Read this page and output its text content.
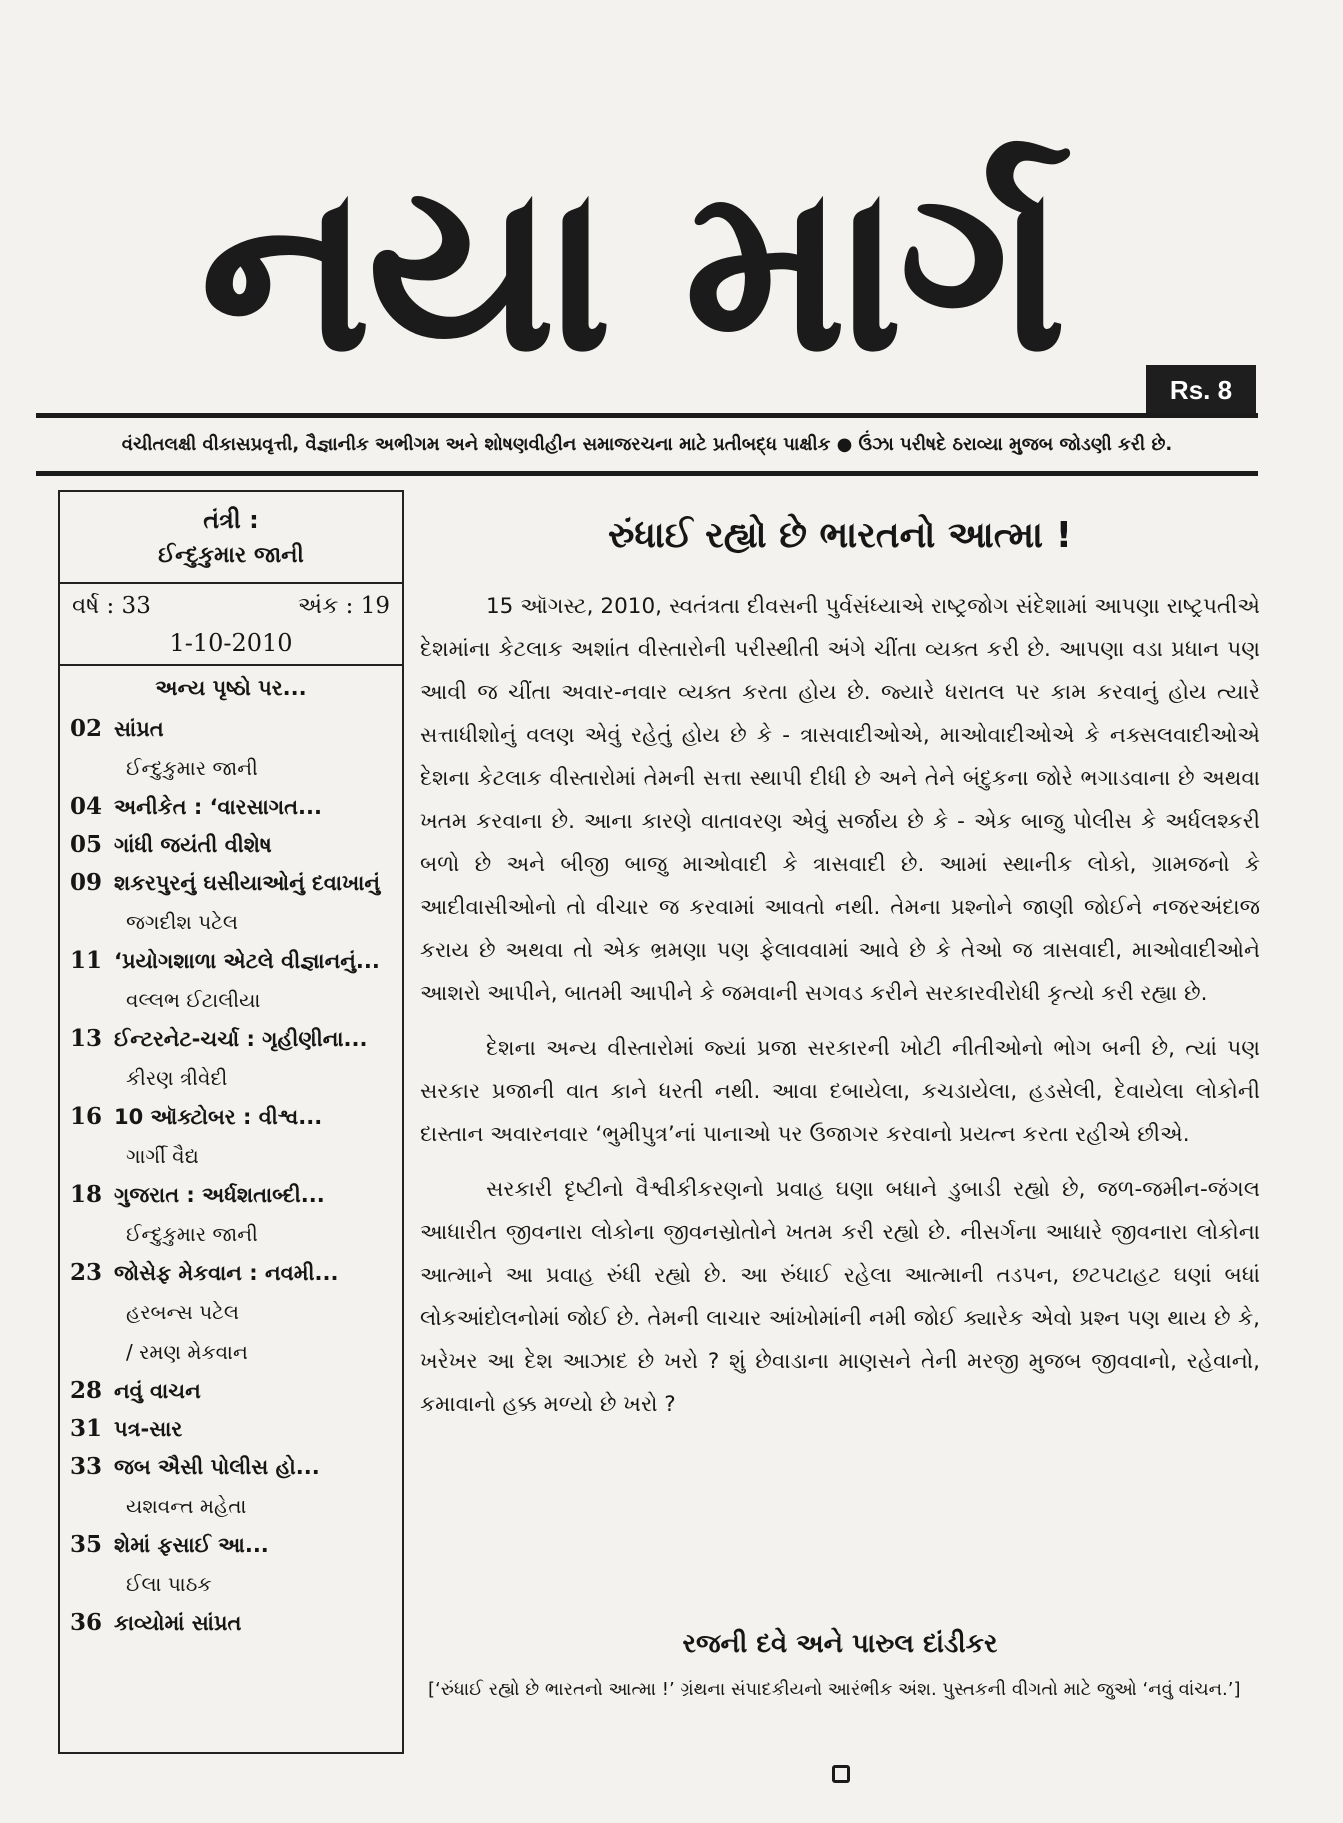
નયા માર્ગ	Rs. 8
વંચીતલક્ષી વીકાસપ્રવૃત્તી, વૈજ્ઞાનીક અભીગમ અને શોષણવીહીન સમાજરચના માટે પ્રતીબદ્ધ પાક્ષીક ● ઉંઝા પરીષદે ઠરાવ્યા મુજબ જોડણી કરી છે.
તંત્રી :
ઈન્દુકુમાર જાની
વર્ષ : 33	અંક : 19
1-10-2010
અન્ય પૃષ્ઠો પર...
02 સાંપ્રત
ઈન્દુકુમાર જાની
04 અનીકેત : ‘વારસાગત...
05 ગાંધી જયંતી વીશેષ
09 શકરપુરનું ઘસીયાઓનું દવાખાનું
જગદીશ પટેલ
11 ‘પ્રયોગશાળા એટલે વીજ્ઞાનનું...
વલ્લભ ઈટાલીયા
13 ઈન્ટરનેટ-ચર્ચા : ગૃહીણીના...
કીરણ ત્રીવેદી
16 10 ઑક્ટોબર : વીશ્વ...
ગાર્ગી વૈદ્ય
18 ગુજરાત : અર્ધશતાબ્દી...
ઈન્દુકુમાર જાની
23 જોસેફ મેકવાન : નવમી...
હરબન્સ પટેલ
/ રમણ મેકવાન
28 નવું વાચન
31 પત્ર-સાર
33 જબ ઐસી પોલીસ હો...
યશવન્ત મહેતા
35 શેમાં ફસાઈ આ...
ઈલા પાઠક
36 કાવ્યોમાં સાંપ્રત
રુંધાઈ રહ્યો છે ભારતનો આત્મા !

15 ઑગસ્ટ, 2010, સ્વતંત્રતા દીવસની પુર્વસંધ્યાએ રાષ્ટ્રજોગ સંદેશામાં આપણા રાષ્ટ્રપતીએ દેશમાંના કેટલાક અશાંત વીસ્તારોની પરીસ્થીતી અંગે ચીંતા વ્યક્ત કરી છે. આપણા વડા પ્રધાન પણ આવી જ ચીંતા અવાર-નવાર વ્યક્ત કરતા હોય છે. જ્યારે ધરાતલ પર કામ કરવાનું હોય ત્યારે સત્તાધીશોનું વલણ એવું રહેતું હોય છે કે - ત્રાસવાદીઓએ, માઓવાદીઓએ કે નક્સલવાદીઓએ દેશના કેટલાક વીસ્તારોમાં તેમની સત્તા સ્થાપી દીધી છે અને તેને બંદુકના જોરે ભગાડવાના છે અથવા ખતમ કરવાના છે. આના કારણે વાતાવરણ એવું સર્જાય છે કે - એક બાજુ પોલીસ કે અર્ધલશ્કરી બળો છે અને બીજી બાજુ માઓવાદી કે ત્રાસવાદી છે. આમાં સ્થાનીક લોકો, ગ્રામજનો કે આદીવાસીઓનો તો વીચાર જ કરવામાં આવતો નથી. તેમના પ્રશ્નોને જાણી જોઈને નજરઅંદાજ કરાય છે અથવા તો એક ભ્રમણા પણ ફેલાવવામાં આવે છે કે તેઓ જ ત્રાસવાદી, માઓવાદીઓને આશરો આપીને, બાતમી આપીને કે જમવાની સગવડ કરીને સરકારવીરોધી કૃત્યો કરી રહ્યા છે.

દેશના અન્ય વીસ્તારોમાં જ્યાં પ્રજા સરકારની ખોટી નીતીઓનો ભોગ બની છે, ત્યાં પણ સરકાર પ્રજાની વાત કાને ધરતી નથી. આવા દબાયેલા, કચડાયેલા, હડસેલી, દેવાયેલા લોકોની દાસ્તાન અવારનવાર ‘ભુમીપુત્ર’નાં પાનાઓ પર ઉજાગર કરવાનો પ્રયત્ન કરતા રહીએ છીએ.

સરકારી દૃષ્ટીનો વૈશ્વીકીકરણનો પ્રવાહ ઘણા બધાને ડુબાડી રહ્યો છે, જળ-જમીન-જંગલ આધારીત જીવનારા લોકોના જીવનસ્રોતોને ખતમ કરી રહ્યો છે. નીસર્ગના આધારે જીવનારા લોકોના આત્માને આ પ્રવાહ રુંધી રહ્યો છે. આ રુંધાઈ રહેલા આત્માની તડપન, છટપટાહટ ઘણાં બધાં લોકઆંદોલનોમાં જોઈ છે. તેમની લાચાર આંખોમાંની નમી જોઈ ક્યારેક એવો પ્રશ્ન પણ થાય છે કે, ખરેખર આ દેશ આઝાદ છે ખરો ? શું છેવાડાના માણસને તેની મરજી મુજબ જીવવાનો, રહેવાનો, કમાવાનો હક્ક મળ્યો છે ખરો ?

રજની દવે અને પારુલ દાંડીકર
[‘રુંધાઈ રહ્યો છે ભારતનો આત્મા !’ ગ્રંથના સંપાદકીયનો આરંભીક અંશ. પુસ્તકની વીગતો માટે જુઓ ‘નવું વાંચન.’]
